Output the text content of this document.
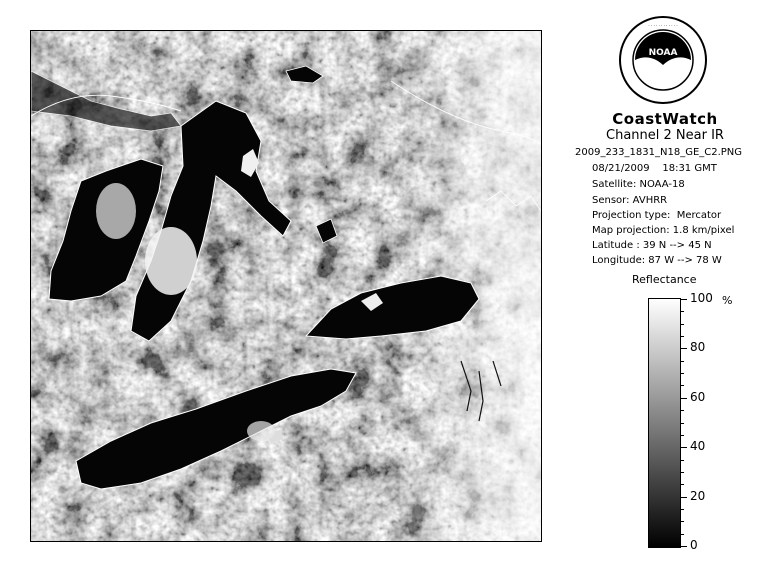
NOAA
· · · · · · · · · · · ·
CoastWatch
Channel 2 Near IR
2009_233_1831_N18_GE_C2.PNG
08/21/2009    18:31 GMT
Satellite: NOAA-18
Sensor: AVHRR
Projection type:  Mercator
Map projection: 1.8 km/pixel
Latitude : 39 N --> 45 N
Longitude: 87 W --> 78 W
Reflectance
%
100
80
60
40
20
0
